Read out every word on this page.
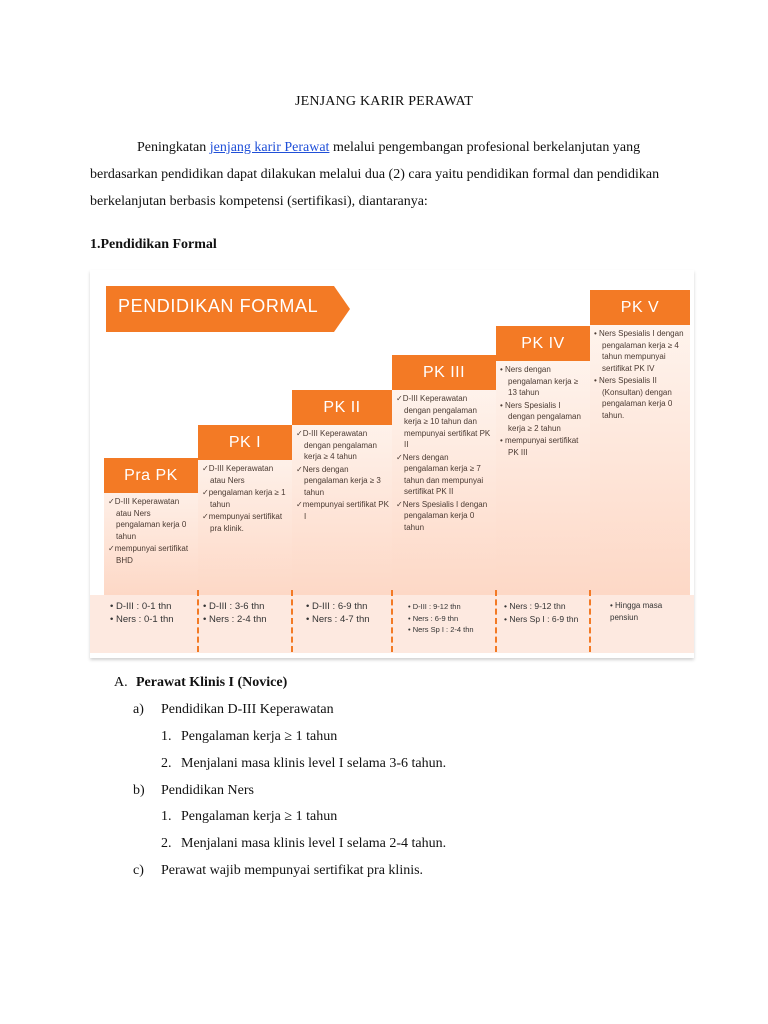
JENJANG KARIR PERAWAT
Peningkatan jenjang karir Perawat melalui pengembangan profesional berkelanjutan yang berdasarkan pendidikan dapat dilakukan melalui dua (2) cara yaitu pendidikan formal dan pendidikan berkelanjutan berbasis kompetensi (sertifikasi), diantaranya:
1.Pendidikan Formal
PENDIDIKAN FORMAL
Pra PK
✓D-III Keperawatan atau Ners pengalaman kerja 0 tahun
✓mempunyai sertifikat BHD
PK I
✓D-III Keperawatan atau Ners
✓pengalaman kerja ≥ 1 tahun
✓mempunyai sertifikat pra klinik.
PK II
✓D-III Keperawatan dengan pengalaman kerja ≥ 4 tahun
✓Ners dengan pengalaman kerja ≥ 3 tahun
✓mempunyai sertifikat PK I
PK III
✓D-III Keperawatan dengan pengalaman kerja ≥ 10 tahun dan mempunyai sertifikat PK II
✓Ners dengan pengalaman kerja ≥ 7 tahun dan mempunyai sertifikat PK II
✓Ners Spesialis I dengan pengalaman kerja 0 tahun
PK IV
• Ners dengan pengalaman kerja ≥ 13 tahun
• Ners Spesialis I dengan pengalaman kerja ≥ 2 tahun
• mempunyai sertifikat PK III
PK V
• Ners Spesialis I dengan pengalaman kerja ≥ 4 tahun mempunyai sertifikat PK IV
• Ners Spesialis II (Konsultan) dengan pengalaman kerja 0 tahun.
• D-III : 0-1 thn
• Ners : 0-1 thn
• D-III : 3-6 thn
• Ners : 2-4 thn
• D-III : 6-9 thn
• Ners : 4-7 thn
• D-III : 9-12 thn
• Ners : 6-9 thn
• Ners Sp I : 2-4 thn
• Ners : 9-12 thn
• Ners Sp I : 6-9 thn
• Hingga masa pensiun
A. Perawat Klinis I (Novice)
a) Pendidikan D-III Keperawatan
1. Pengalaman kerja ≥ 1 tahun
2. Menjalani masa klinis level I selama 3-6 tahun.
b) Pendidikan Ners
1. Pengalaman kerja ≥ 1 tahun
2. Menjalani masa klinis level I selama 2-4 tahun.
c) Perawat wajib mempunyai sertifikat pra klinis.
